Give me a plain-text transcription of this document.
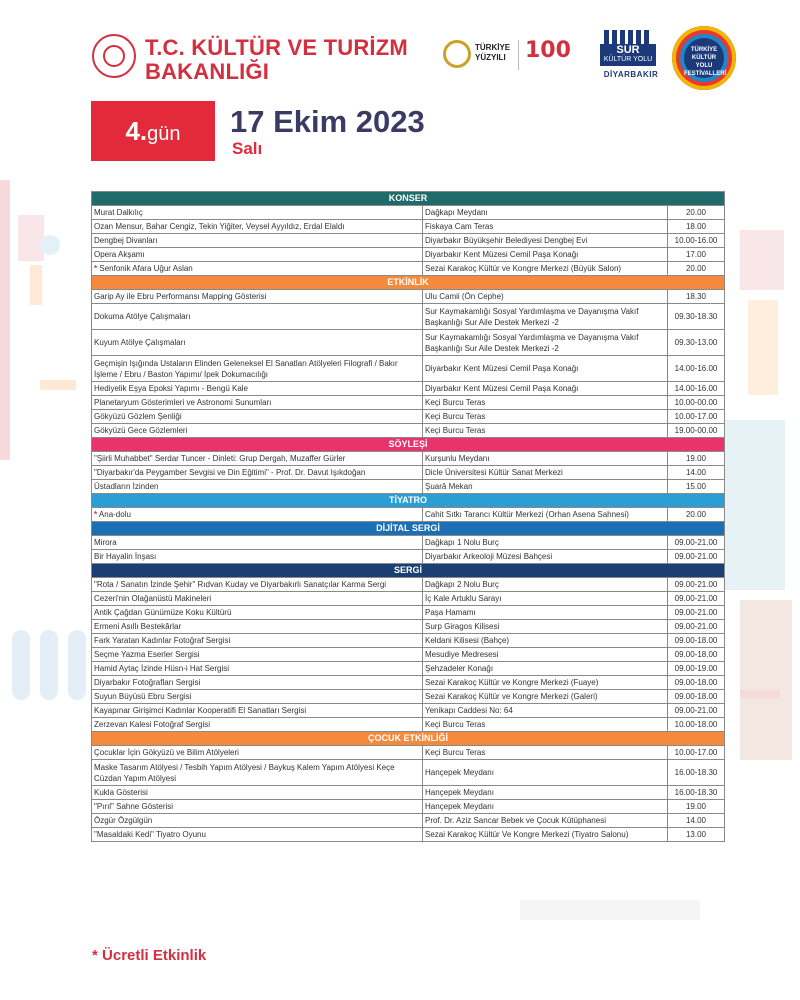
T.C. KÜLTÜR VE TURİZM
BAKANLIĞI
TÜRKİYE YÜZYILI 100	SUR
KÜLTÜR YOLU
DİYARBAKIR
TÜRKİYE KÜLTÜR YOLU FESTİVALLERİ
4.gün	17 Ekim 2023
Salı
KONSER		
Murat Dalkılıç	Dağkapı Meydanı	20.00
Ozan Mensur, Bahar Cengiz, Tekin Yiğiter, Veysel Ayyıldız, Erdal Elaldı	Fiskaya Cam Teras	18.00
Dengbej Divanları	Diyarbakır Büyükşehir Belediyesi Dengbej Evi	10.00-16.00
Opera Akşamı	Diyarbakır Kent Müzesi Cemil Paşa Konağı	17.00
* Senfonik Afara Uğur Aslan	Sezai Karakoç Kültür ve Kongre Merkezi (Büyük Salon)	20.00
ETKİNLİK		
Garip Ay ile Ebru Performansı Mapping Gösterisi	Ulu Camii (Ön Cephe)	18.30
Dokuma Atölye Çalışmaları	Sur Kaymakamlığı Sosyal Yardımlaşma ve Dayanışma Vakıf Başkanlığı Sur Aile Destek Merkezi -2	09.30-18.30
Kuyum Atölye Çalışmaları	Sur Kaymakamlığı Sosyal Yardımlaşma ve Dayanışma Vakıf Başkanlığı Sur Aile Destek Merkezi -2	09.30-13.00
Geçmişin Işığında Ustaların Elinden Geleneksel El Sanatları Atölyeleri Filografi / Bakır İşleme / Ebru / Baston Yapımı/ İpek Dokumacılığı	Diyarbakır Kent Müzesi Cemil Paşa Konağı	14.00-16.00
Hediyelik Eşya Epoksi Yapımı - Bengü Kale	Diyarbakır Kent Müzesi Cemil Paşa Konağı	14.00-16.00
Planetaryum Gösterimleri ve Astronomi Sunumları	Keçi Burcu Teras	10.00-00.00
Gökyüzü Gözlem Şenliği	Keçi Burcu Teras	10.00-17.00
Gökyüzü Gece Gözlemleri	Keçi Burcu Teras	19.00-00.00
SÖYLEŞİ		
"Şiirli Muhabbet" Serdar Tuncer - Dinleti: Grup Dergah, Muzaffer Gürler	Kurşunlu Meydanı	19.00
"Diyarbakır'da Peygamber Sevgisi ve Din Eğitimi" - Prof. Dr. Davut Işıkdoğan	Dicle Üniversitesi Kültür Sanat Merkezi	14.00
Üstadların İzinden	Şuarâ Mekan	15.00
TİYATRO		
* Ana-dolu	Cahit Sıtkı Tarancı Kültür Merkezi (Orhan Asena Sahnesi)	20.00
DİJİTAL SERGİ		
Mirora	Dağkapı 1 Nolu Burç	09.00-21.00
Bir Hayalin İnşası	Diyarbakır Arkeoloji Müzesi Bahçesi	09.00-21.00
SERGİ		
"Rota / Sanatın İzinde Şehir" Rıdvan Kuday ve Diyarbakırlı Sanatçılar Karma Sergi	Dağkapı 2 Nolu Burç	09.00-21.00
Cezeri'nin Olağanüstü Makineleri	İç Kale Artuklu Sarayı	09.00-21.00
Antik Çağdan Günümüze Koku Kültürü	Paşa Hamamı	09.00-21.00
Ermeni Asıllı Bestekârlar	Surp Giragos Kilisesi	09.00-21.00
Fark Yaratan Kadınlar Fotoğraf Sergisi	Keldani Kilisesi (Bahçe)	09.00-18.00
Seçme Yazma Eserler Sergisi	Mesudiye Medresesi	09.00-18.00
Hamid Aytaç İzinde Hüsn-i Hat Sergisi	Şehzadeler Konağı	09.00-19.00
Diyarbakır Fotoğrafları Sergisi	Sezai Karakoç Kültür ve Kongre Merkezi (Fuaye)	09.00-18.00
Suyun Büyüsü Ebru Sergisi	Sezai Karakoç Kültür ve Kongre Merkezi (Galeri)	09.00-18.00
Kayapınar Girişimci Kadınlar Kooperatifi El Sanatları Sergisi	Yenikapı Caddesi No: 64	09.00-21.00
Zerzevan Kalesi Fotoğraf Sergisi	Keçi Burcu Teras	10.00-18.00
ÇOCUK ETKİNLİĞİ		
Çocuklar İçin Gökyüzü ve Bilim Atölyeleri	Keçi Burcu Teras	10.00-17.00
Maske Tasarım Atölyesi / Tesbih Yapım Atölyesi / Baykuş Kalem Yapım Atölyesi Keçe Cüzdan Yapım Atölyesi	Hançepek Meydanı	16.00-18.30
Kukla Gösterisi	Hançepek Meydanı	16.00-18.30
"Pırıl" Sahne Gösterisi	Hançepek Meydanı	19.00
Özgür Özgülgün	Prof. Dr. Aziz Sancar Bebek ve Çocuk Kütüphanesi	14.00
"Masaldaki Kedi" Tiyatro Oyunu	Sezai Karakoç Kültür Ve Kongre Merkezi (Tiyatro Salonu)	13.00
* Ücretli Etkinlik
